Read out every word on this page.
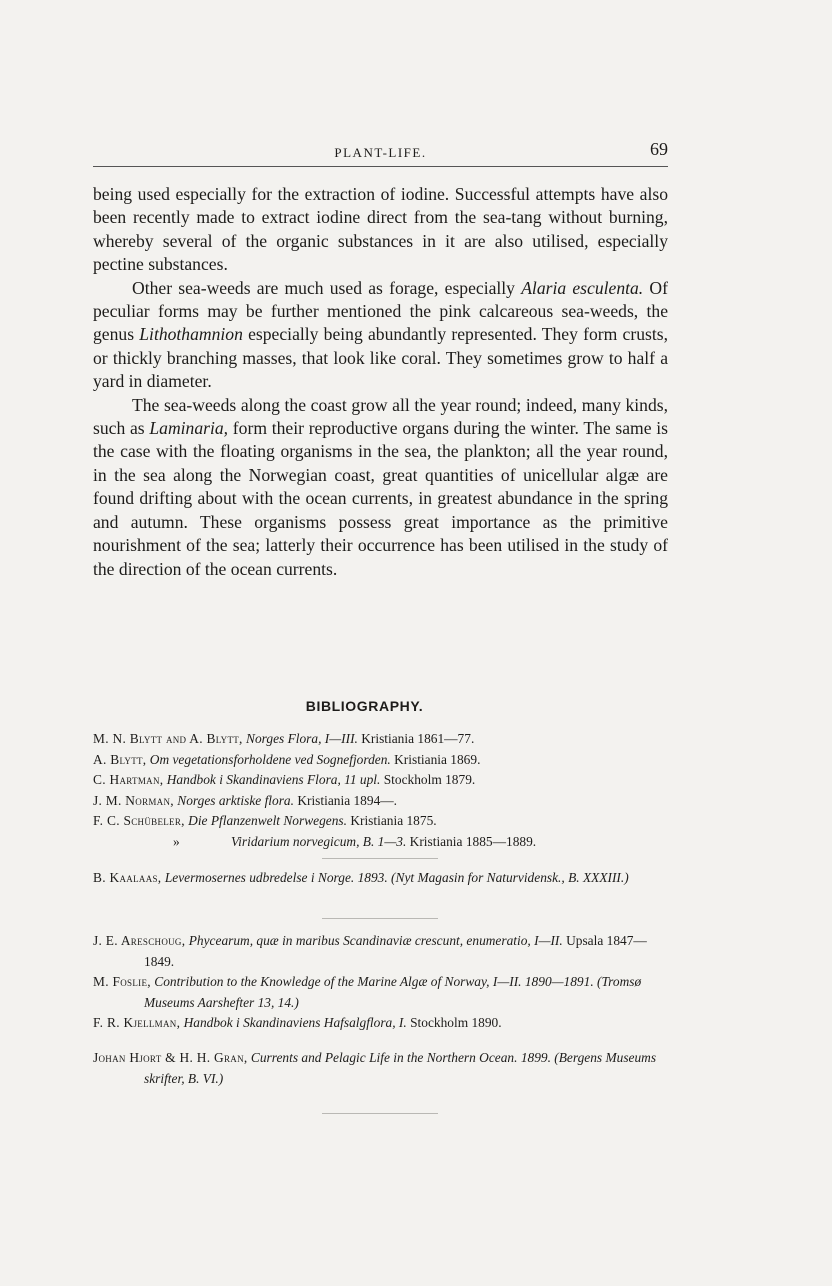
PLANT-LIFE.	69

being used especially for the extraction of iodine. Successful attempts have also been recently made to extract iodine direct from the sea-tang without burning, whereby several of the organic substances in it are also utilised, especially pectine substances.

Other sea-weeds are much used as forage, especially Alaria esculenta. Of peculiar forms may be further mentioned the pink calcareous sea-weeds, the genus Lithothamnion especially being abundantly represented. They form crusts, or thickly branching masses, that look like coral. They sometimes grow to half a yard in diameter.

The sea-weeds along the coast grow all the year round; indeed, many kinds, such as Laminaria, form their reproductive organs during the winter. The same is the case with the floating organisms in the sea, the plankton; all the year round, in the sea along the Norwegian coast, great quantities of unicellular algæ are found drifting about with the ocean currents, in greatest abundance in the spring and autumn. These organisms possess great importance as the primitive nourishment of the sea; latterly their occurrence has been utilised in the study of the direction of the ocean currents.

BIBLIOGRAPHY.
M. N. Blytt and A. Blytt, Norges Flora, I—III. Kristiania 1861—77.
A. Blytt, Om vegetationsforholdene ved Sognefjorden. Kristiania 1869.
C. Hartman, Handbok i Skandinaviens Flora, 11 upl. Stockholm 1879.
J. M. Norman, Norges arktiske flora. Kristiania 1894—.
F. C. Schübeler, Die Pflanzenwelt Norwegens. Kristiania 1875.
»	Viridarium norvegicum, B. 1—3. Kristiania 1885—1889.
B. Kaalaas, Levermosernes udbredelse i Norge. 1893. (Nyt Magasin for Naturvidensk., B. XXXIII.)
J. E. Areschoug, Phycearum, quæ in maribus Scandinaviæ crescunt, enumeratio, I—II. Upsala 1847—1849.
M. Foslie, Contribution to the Knowledge of the Marine Algæ of Norway, I—II. 1890—1891. (Tromsø Museums Aarshefter 13, 14.)
F. R. Kjellman, Handbok i Skandinaviens Hafsalgflora, I. Stockholm 1890.
Johan Hjort & H. H. Gran, Currents and Pelagic Life in the Northern Ocean. 1899. (Bergens Museums skrifter, B. VI.)
